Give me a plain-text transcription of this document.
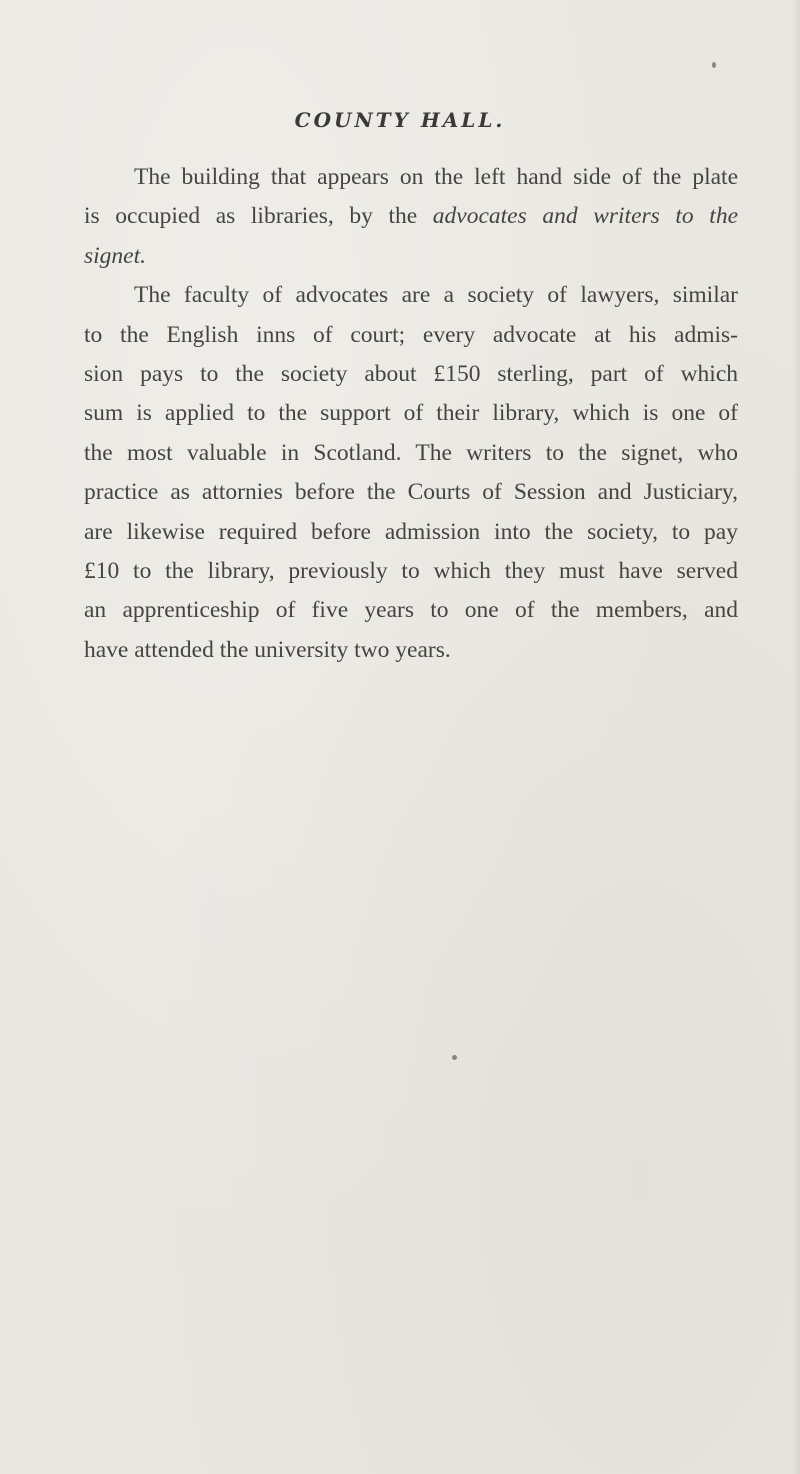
COUNTY HALL.

The building that appears on the left hand side of the plate
is occupied as libraries, by the advocates and writers to the
signet.

The faculty of advocates are a society of lawyers, similar
to the English inns of court; every advocate at his admis-
sion pays to the society about £150 sterling, part of which
sum is applied to the support of their library, which is one of
the most valuable in Scotland. The writers to the signet, who
practice as attornies before the Courts of Session and Justiciary,
are likewise required before admission into the society, to pay
£10 to the library, previously to which they must have served
an apprenticeship of five years to one of the members, and
have attended the university two years.
